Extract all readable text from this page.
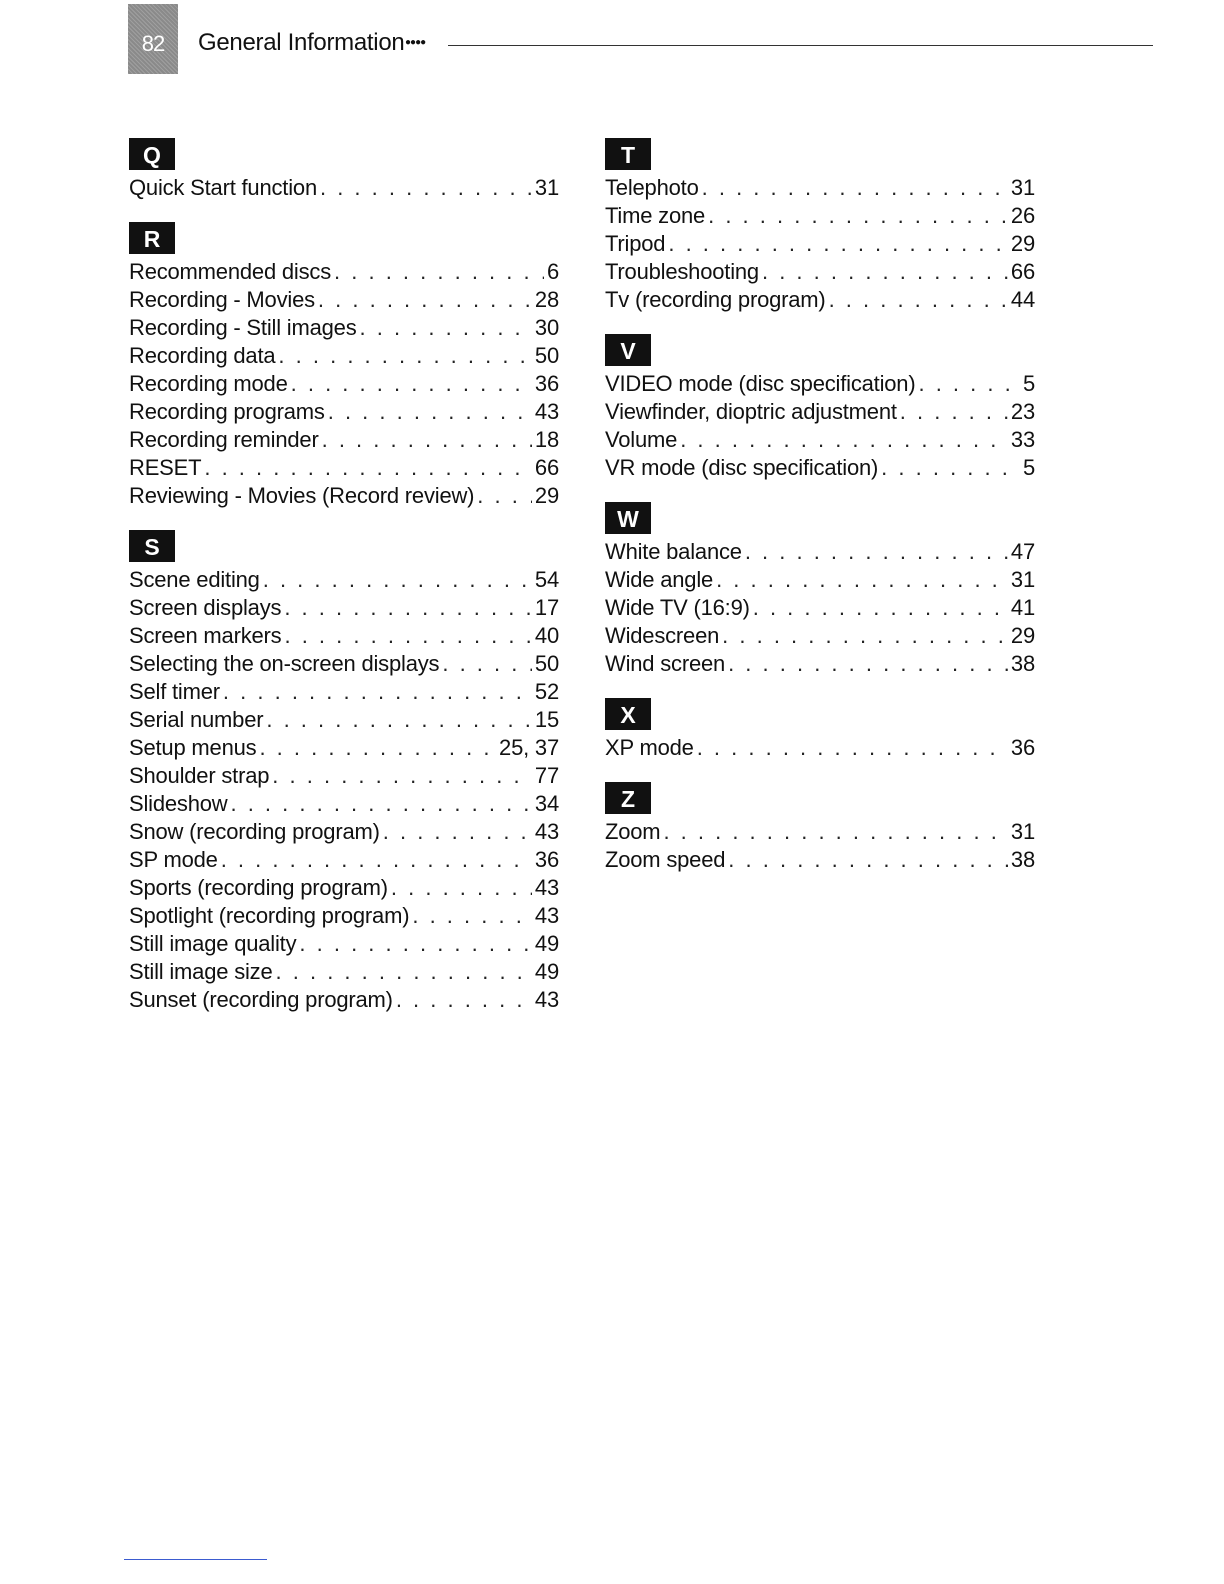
82	General Information ●●●●
Q
Quick Start function . . .	31
R
Recommended discs . . .	6
Recording - Movies . . .	28
Recording - Still images . . .	30
Recording data . . .	50
Recording mode . . .	36
Recording programs . . .	43
Recording reminder . . .	18
RESET . . .	66
Reviewing - Movies (Record review) . . .	29
S
Scene editing . . .	54
Screen displays . . .	17
Screen markers . . .	40
Selecting the on-screen displays . . .	50
Self timer . . .	52
Serial number . . .	15
Setup menus . . .	25, 37
Shoulder strap . . .	77
Slideshow . . .	34
Snow (recording program) . . .	43
SP mode . . .	36
Sports (recording program) . . .	43
Spotlight (recording program) . . .	43
Still image quality . . .	49
Still image size . . .	49
Sunset (recording program) . . .	43
T
Telephoto . . .	31
Time zone . . .	26
Tripod . . .	29
Troubleshooting . . .	66
Tv (recording program) . . .	44
V
VIDEO mode (disc specification) . . .	5
Viewfinder, dioptric adjustment . . .	23
Volume . . .	33
VR mode (disc specification) . . .	5
W
White balance . . .	47
Wide angle . . .	31
Wide TV (16:9) . . .	41
Widescreen . . .	29
Wind screen . . .	38
X
XP mode . . .	36
Z
Zoom . . .	31
Zoom speed . . .	38
